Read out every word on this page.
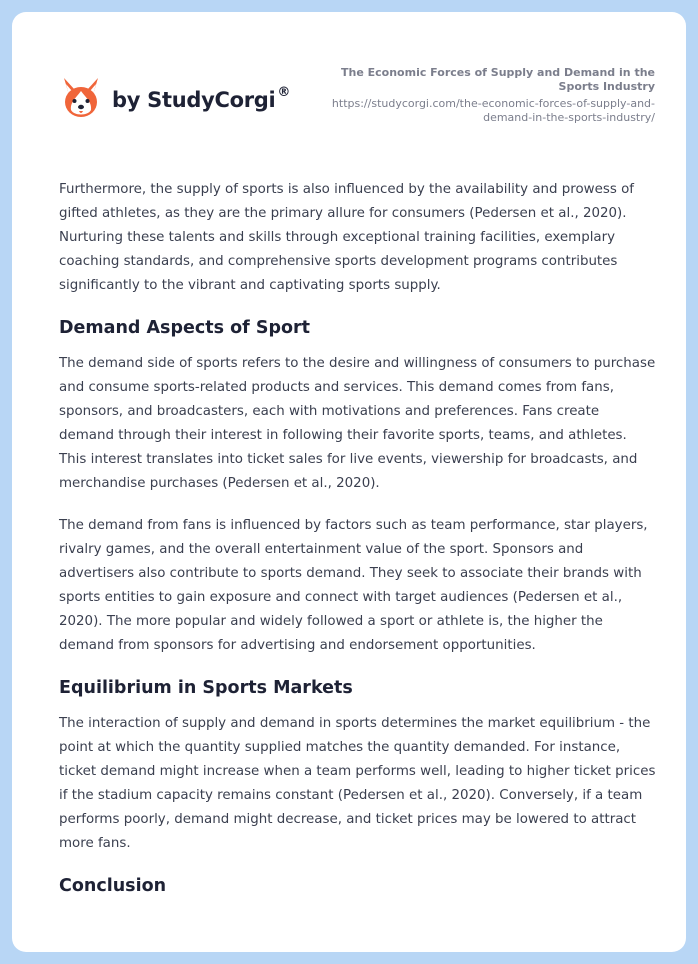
by StudyCorgi ®
The Economic Forces of Supply and Demand in the Sports Industry
https://studycorgi.com/the-economic-forces-of-supply-and-demand-in-the-sports-industry/

Furthermore, the supply of sports is also influenced by the availability and prowess of gifted athletes, as they are the primary allure for consumers (Pedersen et al., 2020). Nurturing these talents and skills through exceptional training facilities, exemplary coaching standards, and comprehensive sports development programs contributes significantly to the vibrant and captivating sports supply.

Demand Aspects of Sport

The demand side of sports refers to the desire and willingness of consumers to purchase and consume sports-related products and services. This demand comes from fans, sponsors, and broadcasters, each with motivations and preferences. Fans create demand through their interest in following their favorite sports, teams, and athletes. This interest translates into ticket sales for live events, viewership for broadcasts, and merchandise purchases (Pedersen et al., 2020).

The demand from fans is influenced by factors such as team performance, star players, rivalry games, and the overall entertainment value of the sport. Sponsors and advertisers also contribute to sports demand. They seek to associate their brands with sports entities to gain exposure and connect with target audiences (Pedersen et al., 2020). The more popular and widely followed a sport or athlete is, the higher the demand from sponsors for advertising and endorsement opportunities.

Equilibrium in Sports Markets

The interaction of supply and demand in sports determines the market equilibrium - the point at which the quantity supplied matches the quantity demanded. For instance, ticket demand might increase when a team performs well, leading to higher ticket prices if the stadium capacity remains constant (Pedersen et al., 2020). Conversely, if a team performs poorly, demand might decrease, and ticket prices may be lowered to attract more fans.

Conclusion
